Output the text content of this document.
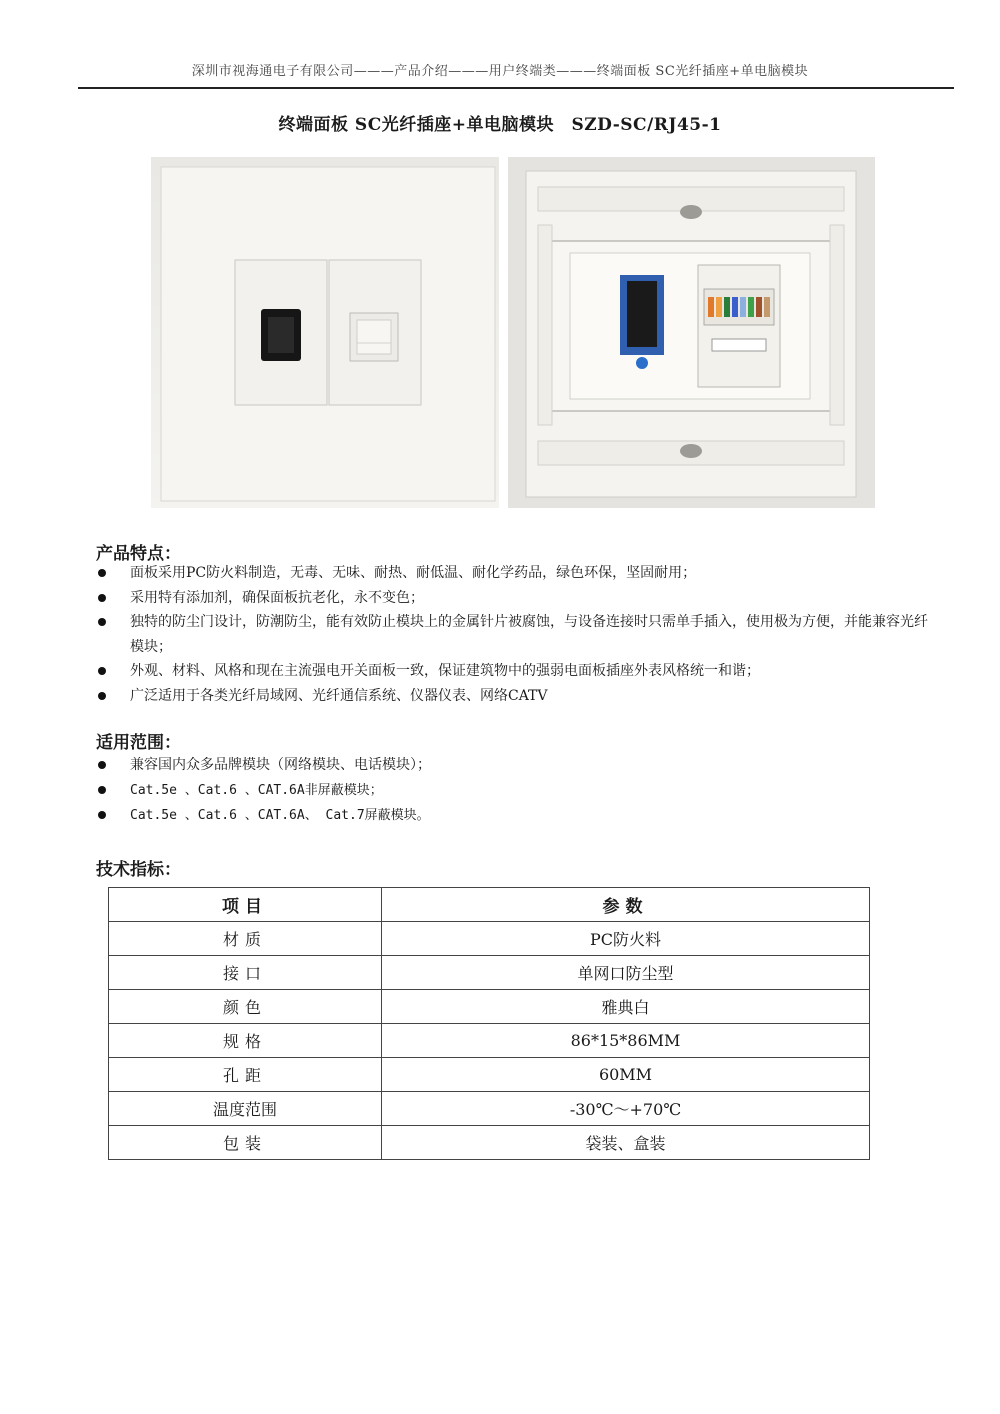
深圳市视海通电子有限公司———产品介绍———用户终端类———终端面板 SC光纤插座+单电脑模块
终端面板 SC光纤插座+单电脑模块　SZD-SC/RJ45-1
产品特点：
面板采用PC防火料制造，无毒、无味、耐热、耐低温、耐化学药品，绿色环保，坚固耐用；
采用特有添加剂，确保面板抗老化，永不变色；
独特的防尘门设计，防潮防尘，能有效防止模块上的金属针片被腐蚀，与设备连接时只需单手插入，使用极为方便，并能兼容光纤模块；
外观、材料、风格和现在主流强电开关面板一致，保证建筑物中的强弱电面板插座外表风格统一和谐；
广泛适用于各类光纤局域网、光纤通信系统、仪器仪表、网络CATV
适用范围：
兼容国内众多品牌模块（网络模块、电话模块）；
Cat.5e 、Cat.6 、CAT.6A非屏蔽模块；
Cat.5e 、Cat.6 、CAT.6A、 Cat.7屏蔽模块。
技术指标：
项目	参数
材质	PC防火料
接口	单网口防尘型
颜色	雅典白
规格	86*15*86MM
孔距	60MM
温度范围	-30℃～+70℃
包装	袋装、盒装
